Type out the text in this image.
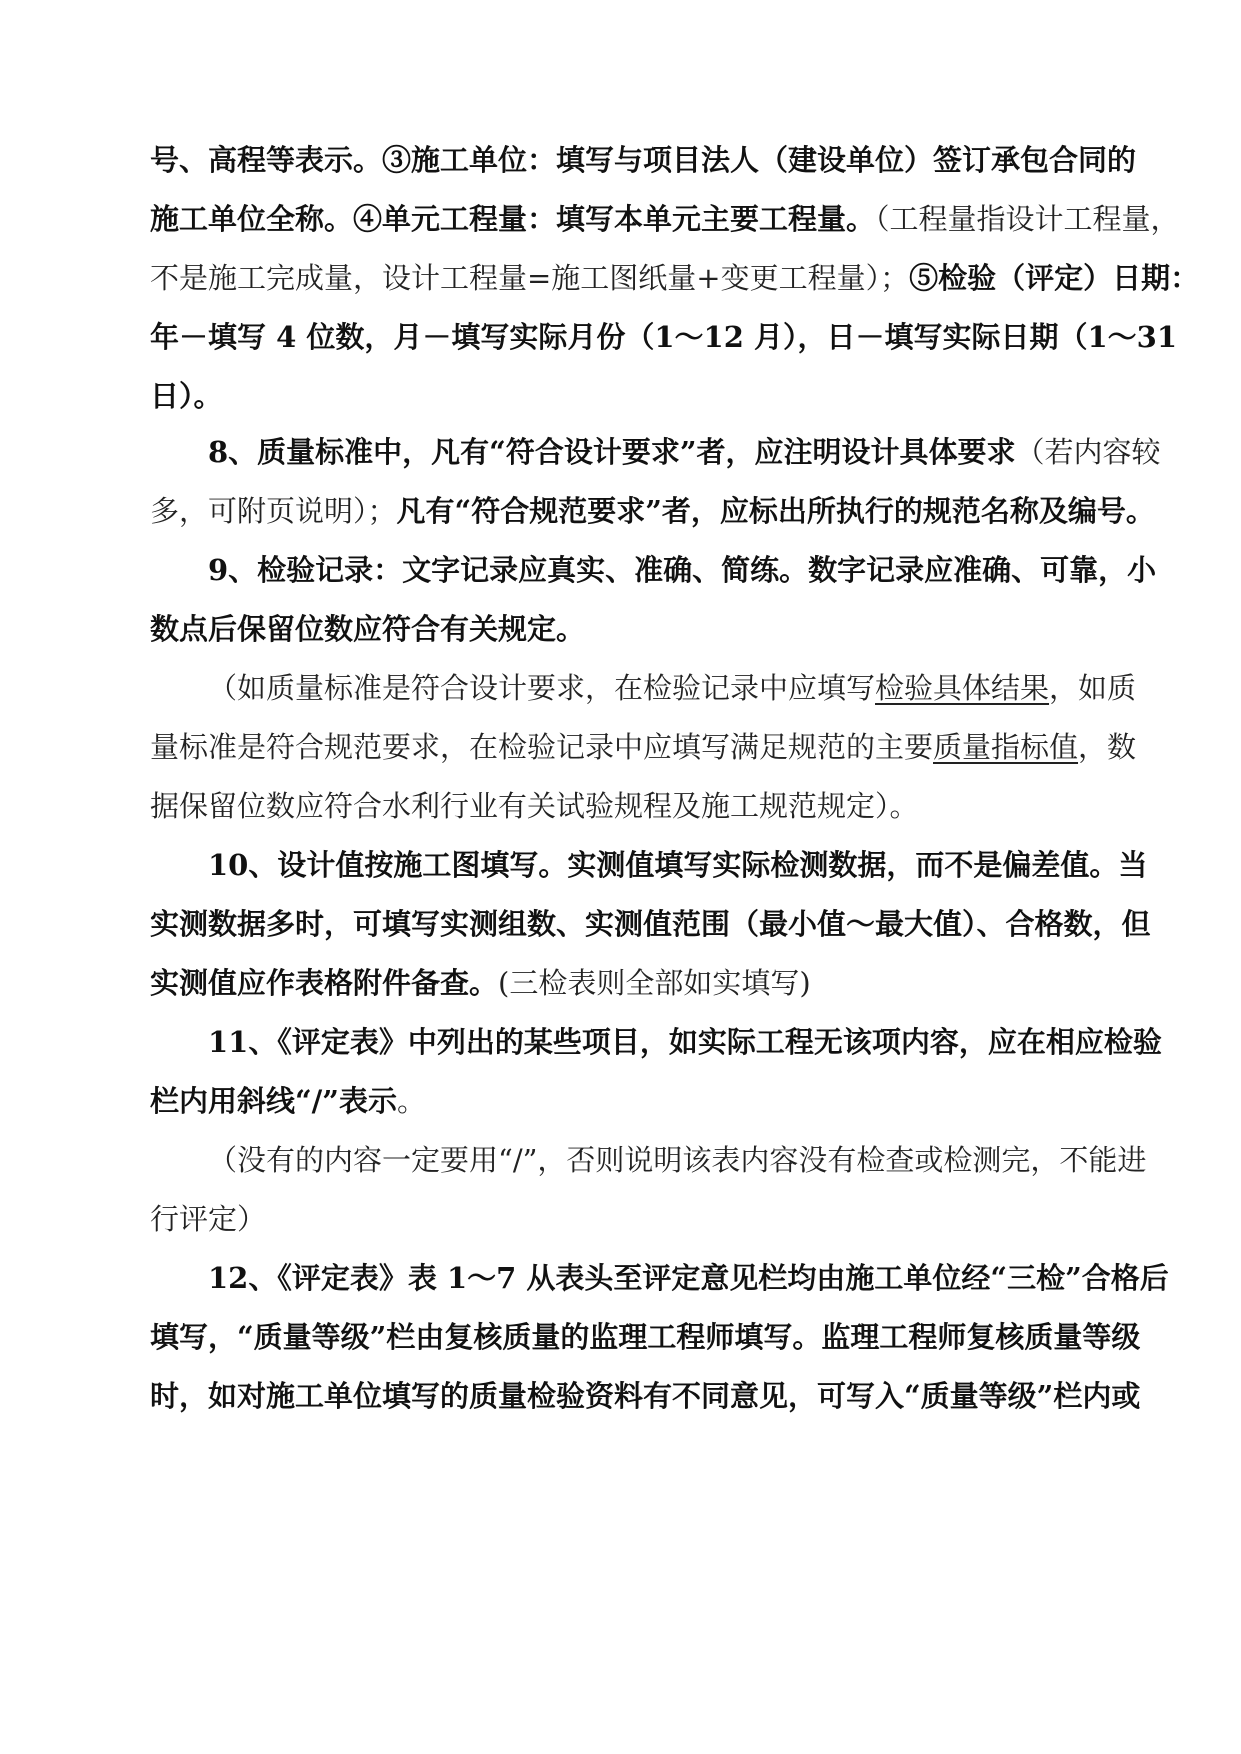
号、高程等表示。③施工单位：填写与项目法人（建设单位）签订承包合同的
施工单位全称。④单元工程量：填写本单元主要工程量。（工程量指设计工程量，
不是施工完成量，设计工程量=施工图纸量+变更工程量）；⑤检验（评定）日期：
年－填写 4 位数，月－填写实际月份（1～12 月），日－填写实际日期（1～31
日）。
8、质量标准中，凡有“符合设计要求”者，应注明设计具体要求（若内容较
多，可附页说明）；凡有“符合规范要求”者，应标出所执行的规范名称及编号。
9、检验记录：文字记录应真实、准确、简练。数字记录应准确、可靠，小
数点后保留位数应符合有关规定。
（如质量标准是符合设计要求，在检验记录中应填写检验具体结果，如质
量标准是符合规范要求，在检验记录中应填写满足规范的主要质量指标值，数
据保留位数应符合水利行业有关试验规程及施工规范规定）。
10、设计值按施工图填写。实测值填写实际检测数据，而不是偏差值。当
实测数据多时，可填写实测组数、实测值范围（最小值～最大值）、合格数，但
实测值应作表格附件备查。(三检表则全部如实填写)
11、《评定表》中列出的某些项目，如实际工程无该项内容，应在相应检验
栏内用斜线“/”表示。
（没有的内容一定要用“/”，否则说明该表内容没有检查或检测完，不能进
行评定）
12、《评定表》表 1～7 从表头至评定意见栏均由施工单位经“三检”合格后
填写，“质量等级”栏由复核质量的监理工程师填写。监理工程师复核质量等级
时，如对施工单位填写的质量检验资料有不同意见，可写入“质量等级”栏内或
